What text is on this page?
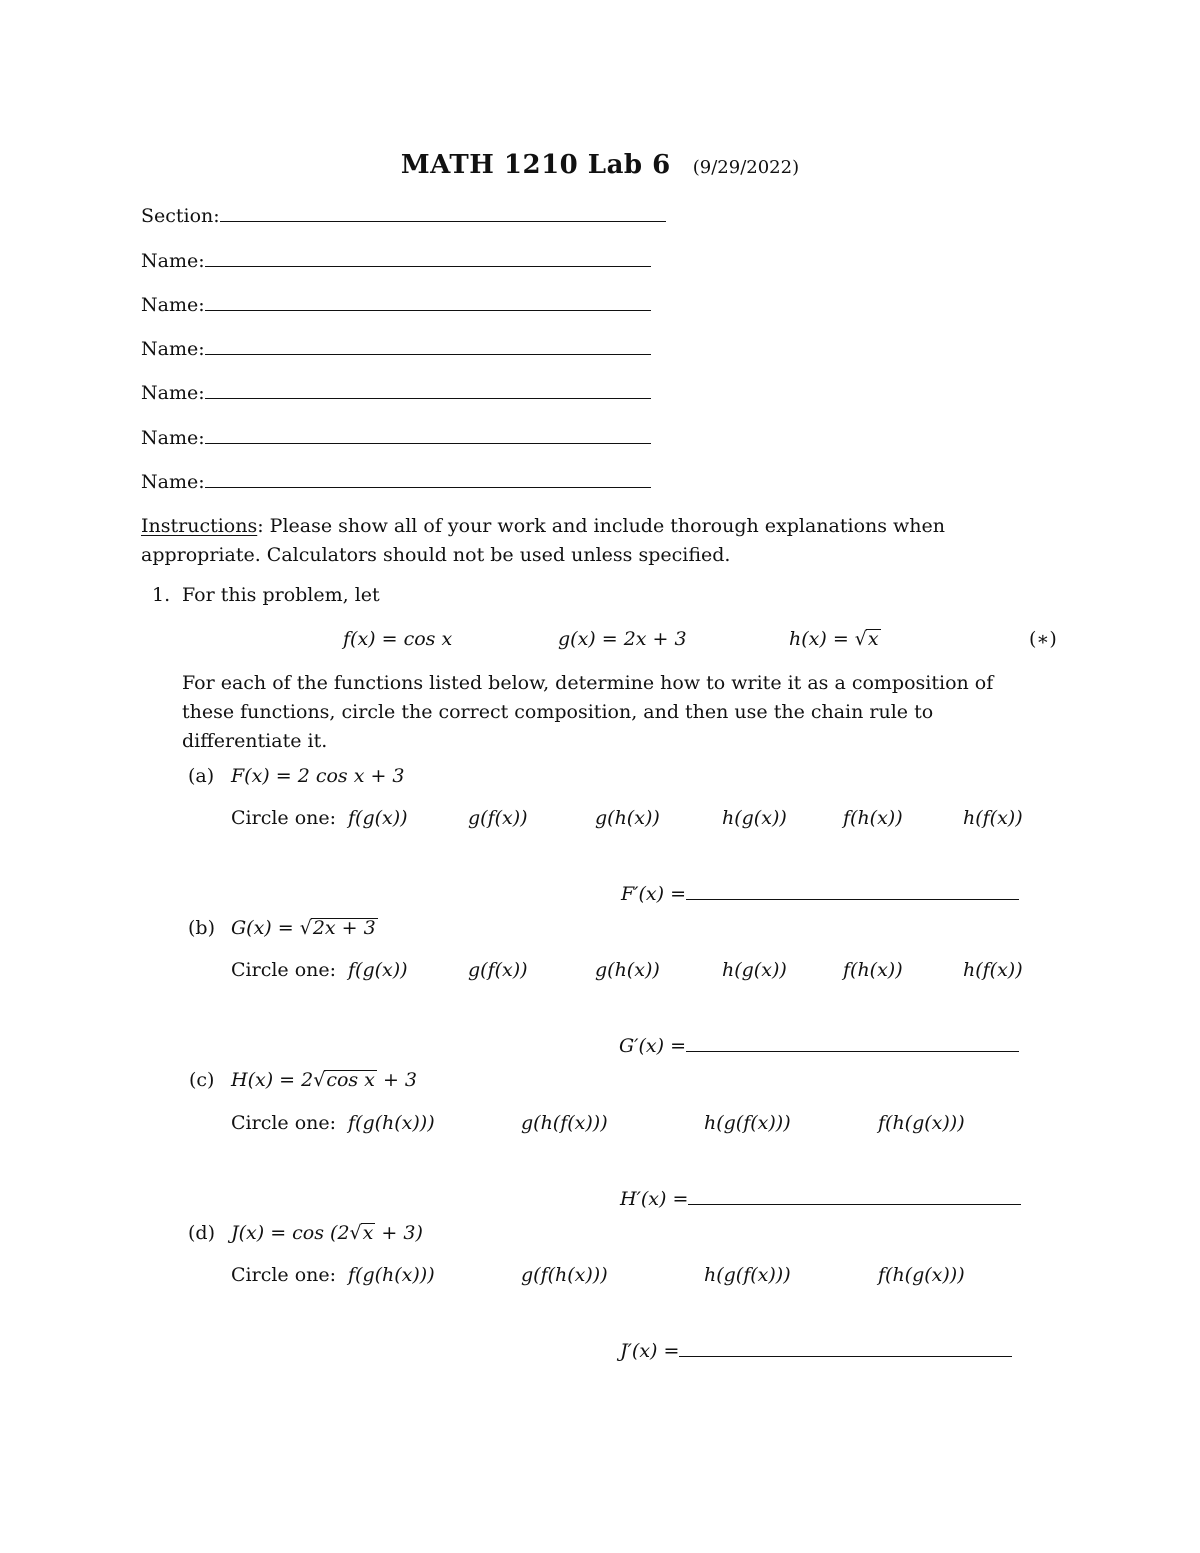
MATH 1210 Lab 6 (9/29/2022)
Section:
Name:
Name:
Name:
Name:
Name:
Name:
Instructions: Please show all of your work and include thorough explanations when appropriate. Calculators should not be used unless specified.
1. For this problem, let
f(x) = cos x	g(x) = 2x + 3	h(x) = √x	(∗)
For each of the functions listed below, determine how to write it as a composition of these functions, circle the correct composition, and then use the chain rule to differentiate it.
(a) F(x) = 2 cos x + 3
Circle one: f(g(x))	g(f(x))	g(h(x))	h(g(x))	f(h(x))	h(f(x))
F′(x) =
(b) G(x) = √2x + 3
Circle one: f(g(x))	g(f(x))	g(h(x))	h(g(x))	f(h(x))	h(f(x))
G′(x) =
(c) H(x) = 2√cos x + 3
Circle one: f(g(h(x)))	g(h(f(x)))	h(g(f(x)))	f(h(g(x)))
H′(x) =
(d) J(x) = cos (2√x + 3)
Circle one: f(g(h(x)))	g(f(h(x)))	h(g(f(x)))	f(h(g(x)))
J′(x) =
